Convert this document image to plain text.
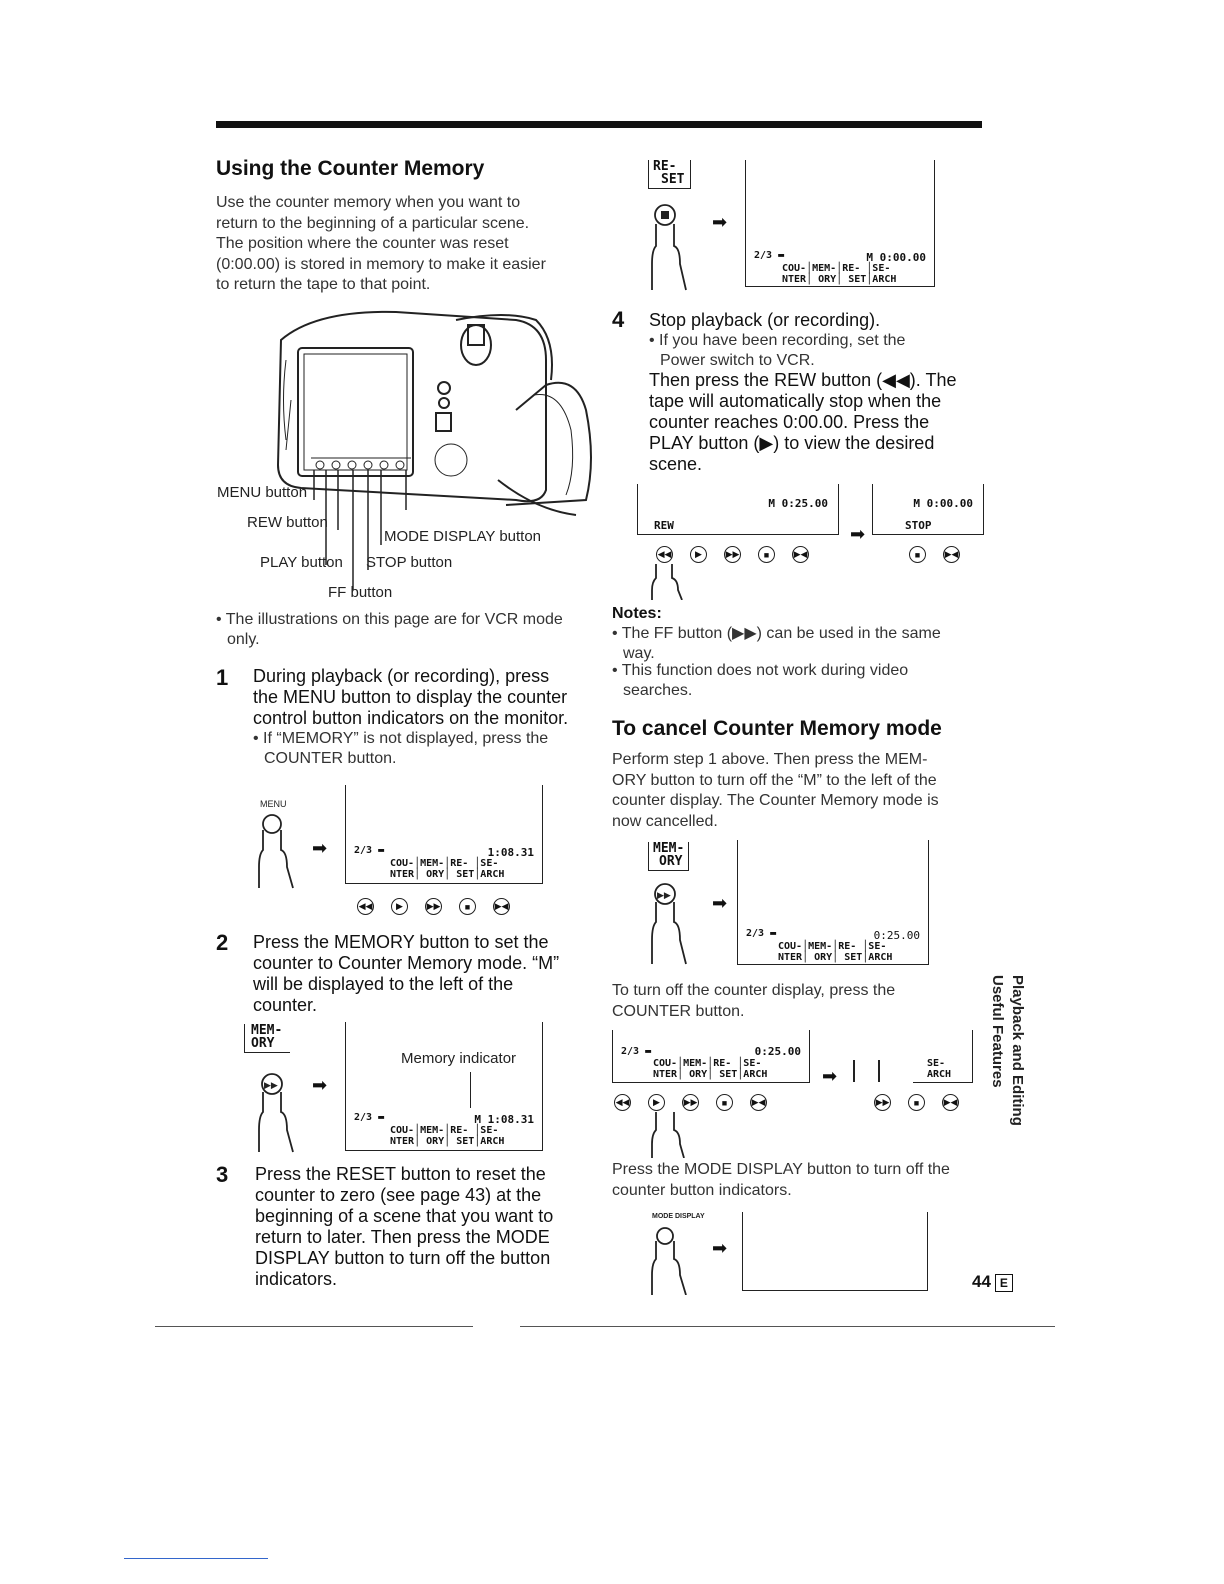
Using the Counter Memory
Use the counter memory when you want to
return to the beginning of a particular scene.
The position where the counter was reset
(0:00.00) is stored in memory to make it easier
to return the tape to that point.
MENU button
REW button
MODE DISPLAY button
PLAY button STOP button
FF button
• The illustrations on this page are for VCR mode
only.
1 During playback (or recording), press
the MENU button to display the counter
control button indicators on the monitor.
• If “MEMORY” is not displayed, press the
COUNTER button.
MENU
➡	2/3 ▬	1:08.31
COU-│MEM-│RE- │SE-
NTER│ ORY│ SET│ARCH
◀◀	▶	▶▶	■	▶◀
2 Press the MEMORY button to set the
counter to Counter Memory mode. “M”
will be displayed to the left of the
counter.
MEM-
ORY
▶▶ ➡
Memory indicator
2/3 ▬	M 1:08.31
COU-│MEM-│RE- │SE-
NTER│ ORY│ SET│ARCH
3 Press the RESET button to reset the
counter to zero (see page 43) at the
beginning of a scene that you want to
return to later. Then press the MODE
DISPLAY button to turn off the button
indicators.
RE-
SET
➡
2/3 ▬	M 0:00.00
COU-│MEM-│RE- │SE-
NTER│ ORY│ SET│ARCH
4 Stop playback (or recording).
• If you have been recording, set the
Power switch to VCR.
Then press the REW button (◀◀). The
tape will automatically stop when the
counter reaches 0:00.00. Press the
PLAY button (▶) to view the desired
scene.
M 0:25.00
REW	➡
M 0:00.00
STOP
◀◀	▶	▶▶	■	▶◀	■	▶◀
Notes:
• The FF button (▶▶) can be used in the same
way.
• This function does not work during video
searches.
To cancel Counter Memory mode
Perform step 1 above. Then press the MEM-
ORY button to turn off the “M” to the left of the
counter display. The Counter Memory mode is
now cancelled.
MEM-
ORY
▶▶ ➡
2/3 ▬	0:25.00
COU-│MEM-│RE- │SE-
NTER│ ORY│ SET│ARCH
To turn off the counter display, press the
COUNTER button.
2/3 ▬	0:25.00
COU-│MEM-│RE- │SE-
NTER│ ORY│ SET│ARCH	➡
SE-
ARCH
◀◀	▶	▶▶	■	▶◀	▶▶	■	▶◀
Press the MODE DISPLAY button to turn off the
counter button indicators.
MODE DISPLAY
➡
Useful Features Playback and Editing
44 E
